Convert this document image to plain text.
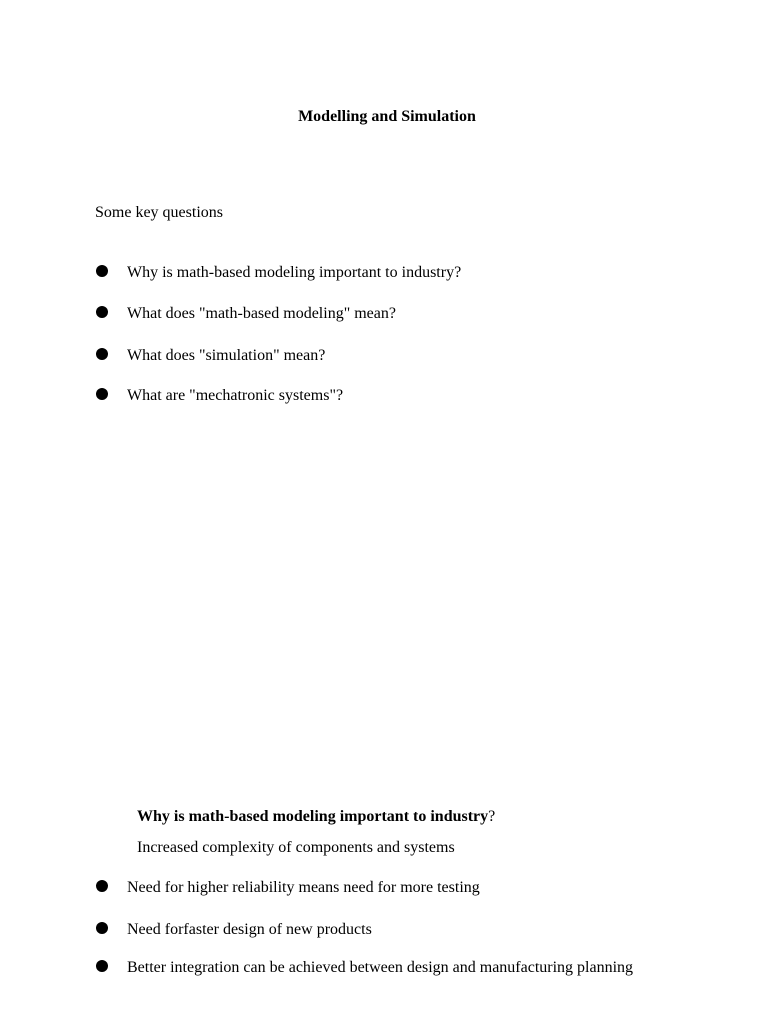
Modelling and Simulation
Some key questions
Why is math-based modeling important to industry?
What does "math-based modeling" mean?
What does "simulation" mean?
What are "mechatronic systems"?
Why is math-based modeling important to industry?
Increased complexity of components and systems
Need for higher reliability means need for more testing
Need forfaster design of new products
Better integration can be achieved between design and manufacturing planning
